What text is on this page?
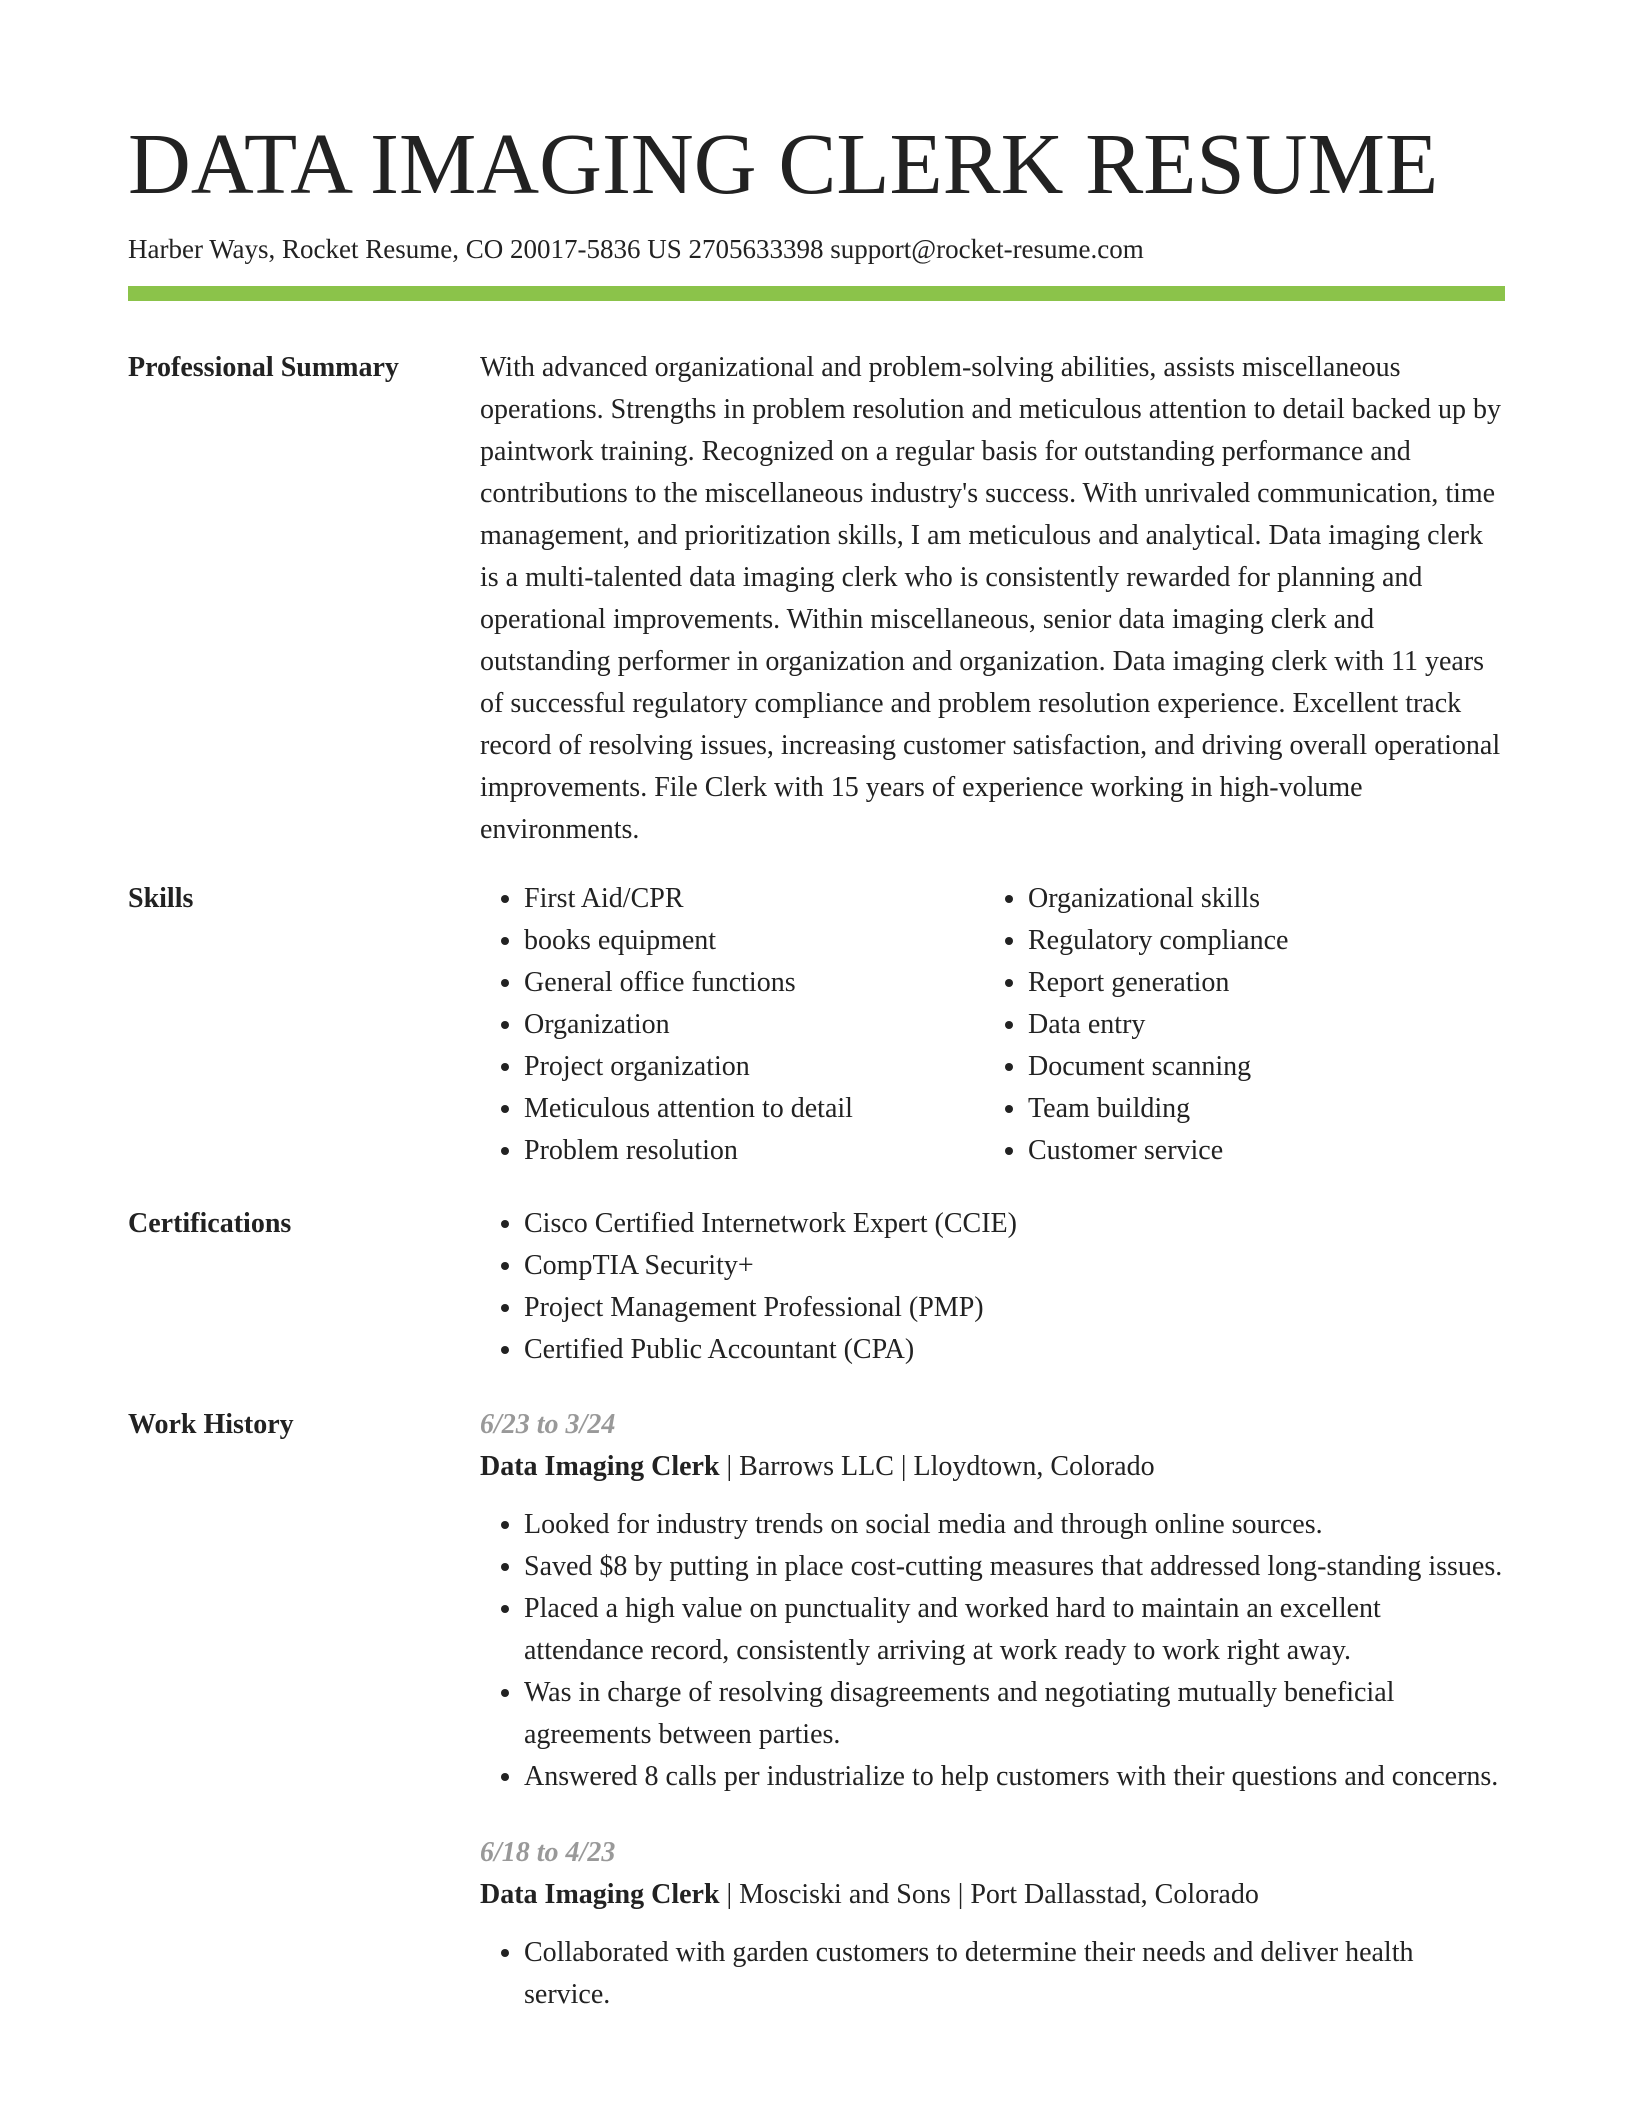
DATA IMAGING CLERK RESUME
Harber Ways, Rocket Resume, CO 20017-5836 US 2705633398 support@rocket-resume.com
Professional Summary	With advanced organizational and problem-solving abilities, assists miscellaneous operations. Strengths in problem resolution and meticulous attention to detail backed up by paintwork training. Recognized on a regular basis for outstanding performance and contributions to the miscellaneous industry's success. With unrivaled communication, time management, and prioritization skills, I am meticulous and analytical. Data imaging clerk is a multi-talented data imaging clerk who is consistently rewarded for planning and operational improvements. Within miscellaneous, senior data imaging clerk and outstanding performer in organization and organization. Data imaging clerk with 11 years of successful regulatory compliance and problem resolution experience. Excellent track record of resolving issues, increasing customer satisfaction, and driving overall operational improvements. File Clerk with 15 years of experience working in high-volume environments.

Skills	• First Aid/CPR
• books equipment
• General office functions
• Organization
• Project organization
• Meticulous attention to detail
• Problem resolution
• Organizational skills
• Regulatory compliance
• Report generation
• Data entry
• Document scanning
• Team building
• Customer service
Certifications	• Cisco Certified Internetwork Expert (CCIE)
• CompTIA Security+
• Project Management Professional (PMP)
• Certified Public Accountant (CPA)
Work History	6/23 to 3/24
Data Imaging Clerk | Barrows LLC | Lloydtown, Colorado
• Looked for industry trends on social media and through online sources.
• Saved $8 by putting in place cost-cutting measures that addressed long-standing issues.
• Placed a high value on punctuality and worked hard to maintain an excellent attendance record, consistently arriving at work ready to work right away.
• Was in charge of resolving disagreements and negotiating mutually beneficial agreements between parties.
• Answered 8 calls per industrialize to help customers with their questions and concerns.
6/18 to 4/23
Data Imaging Clerk | Mosciski and Sons | Port Dallasstad, Colorado
• Collaborated with garden customers to determine their needs and deliver health service.
